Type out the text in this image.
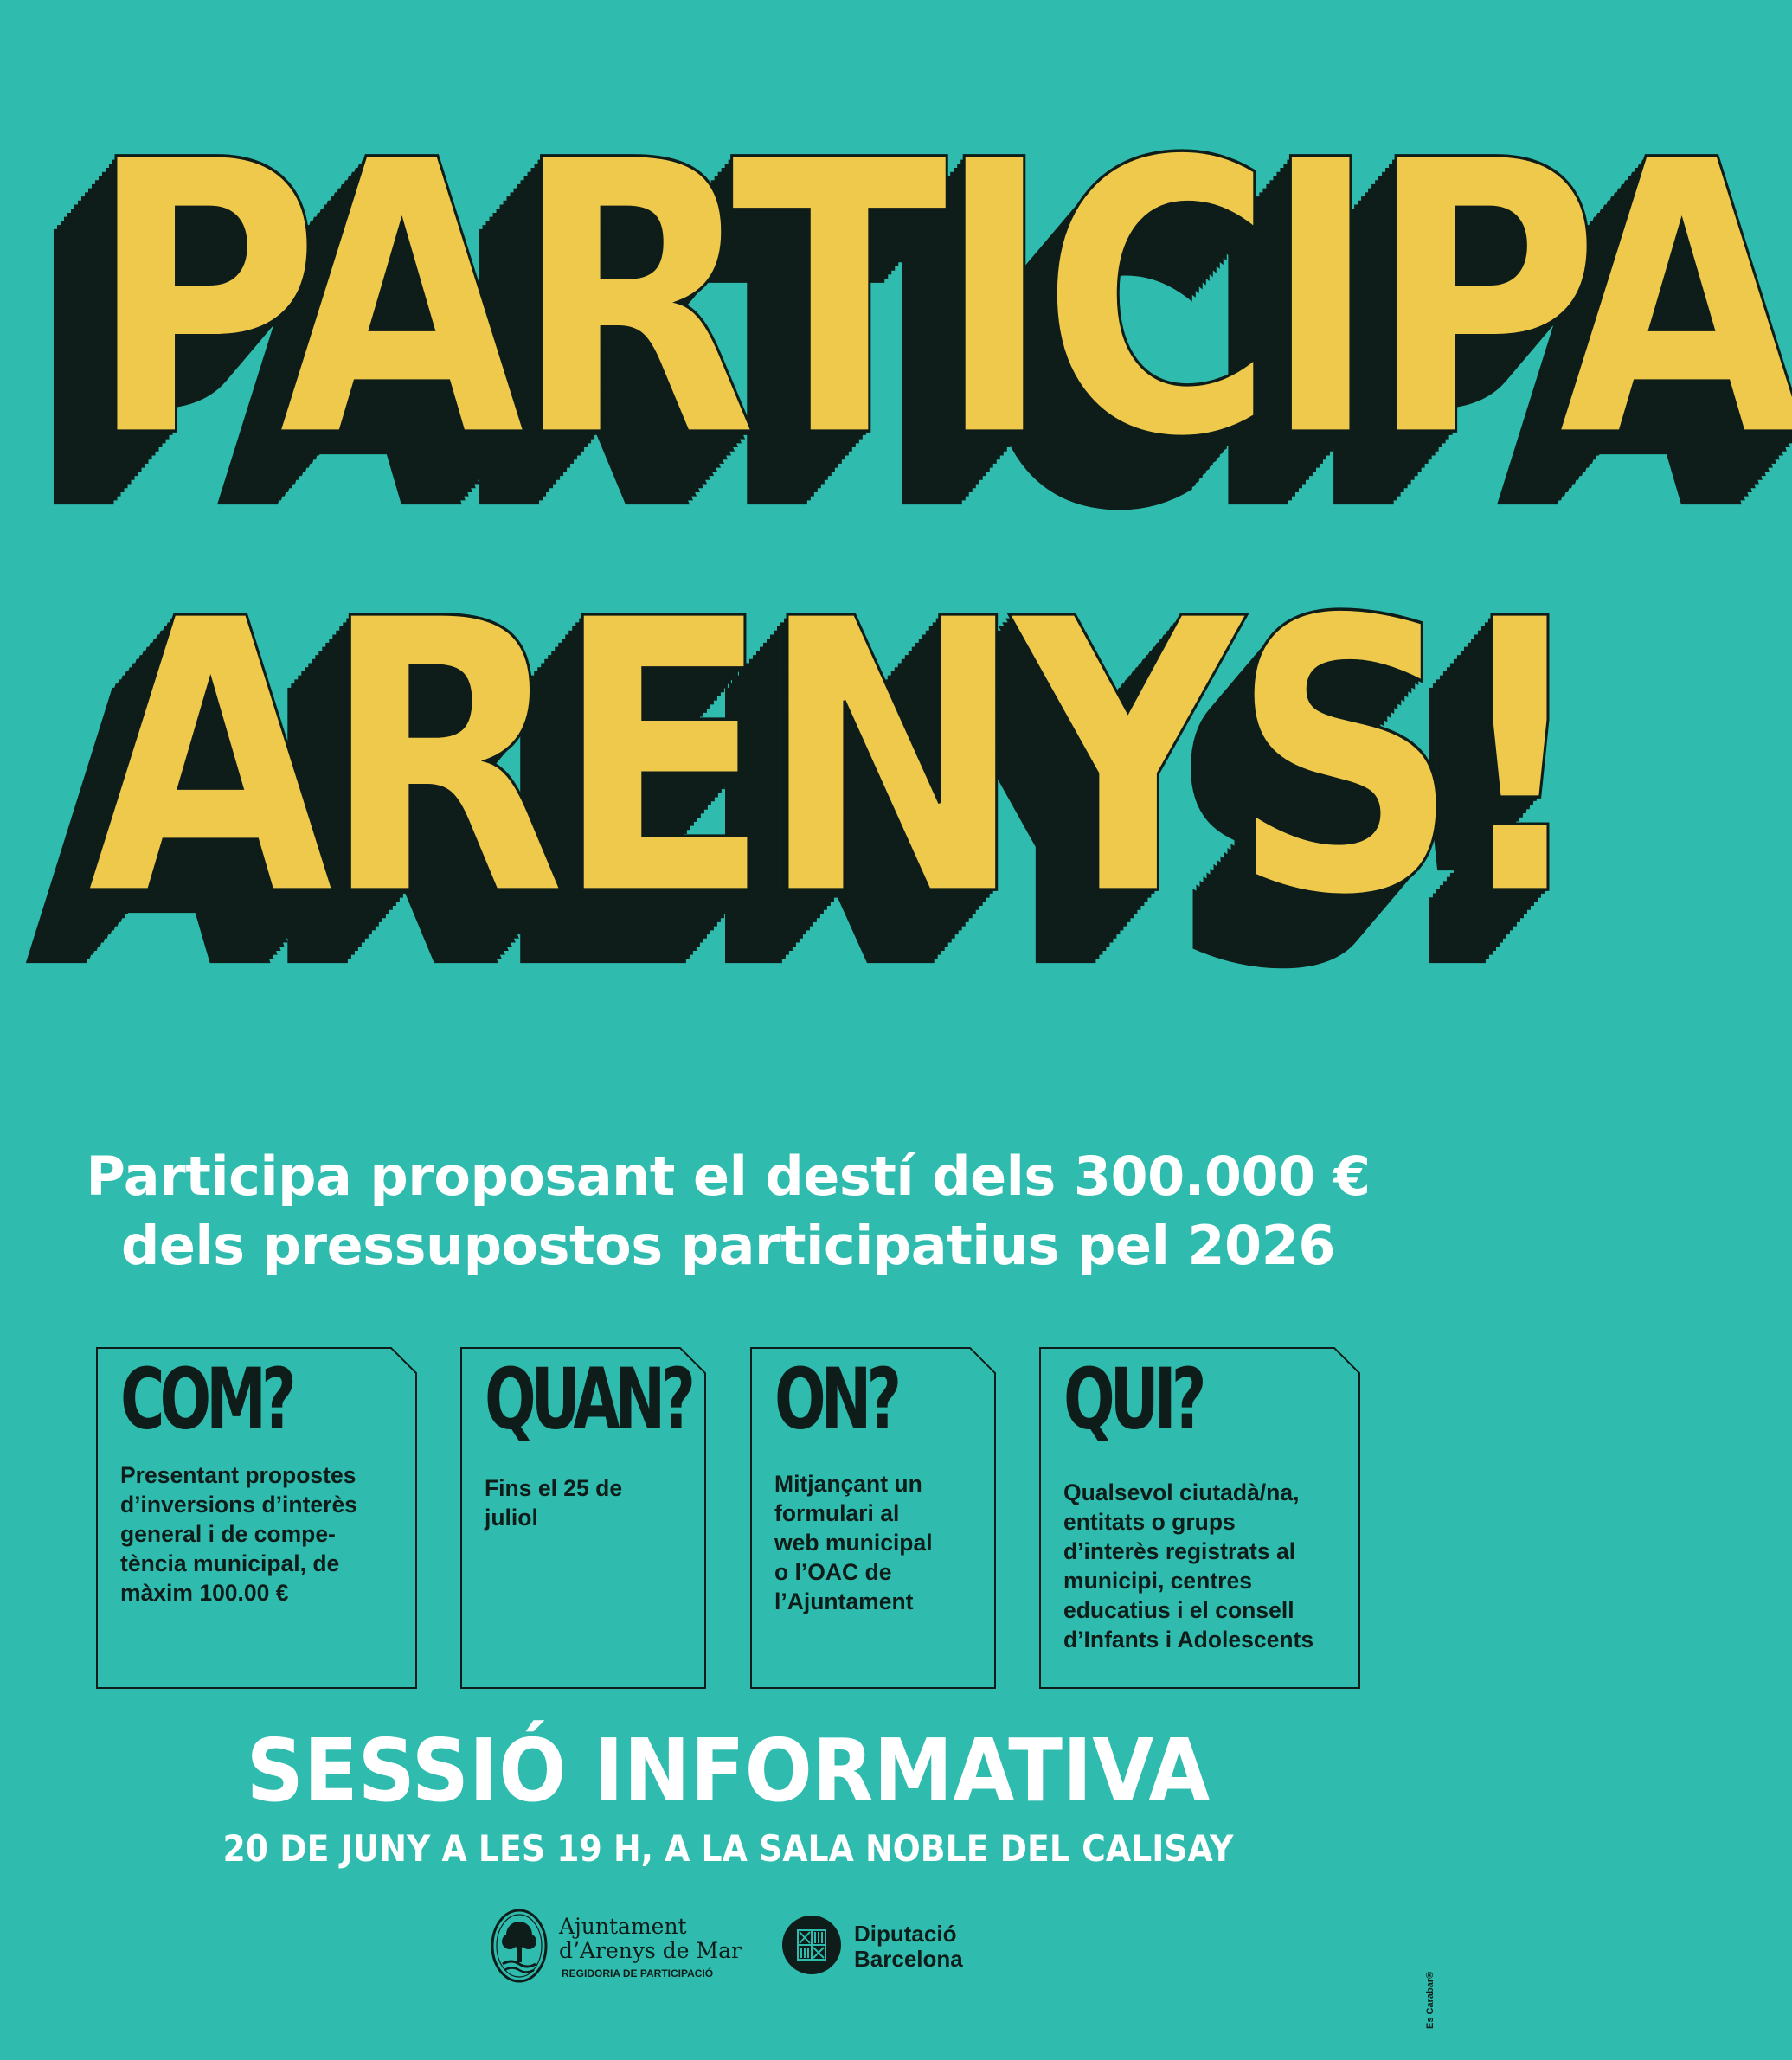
PARTICIPA
ARENYS!
Participa proposant el destí dels 300.000 €
dels pressupostos participatius pel 2026
COM?
Presentant propostes
d’inversions d’interès
general i de compe-
tència municipal, de
màxim 100.00 €
QUAN?
Fins el 25 de
juliol
ON?
Mitjançant un
formulari al
web municipal
o l’OAC de
l’Ajuntament
QUI?
Qualsevol ciutadà/na,
entitats o grups
d’interès registrats al
municipi, centres
educatius i el consell
d’Infants i Adolescents
SESSIÓ INFORMATIVA
20 DE JUNY A LES 19 H, A LA SALA NOBLE DEL CALISAY
Ajuntament
d’Arenys de Mar
REGIDORIA DE PARTICIPACIÓ
Diputació
Barcelona
Es Carabar®
